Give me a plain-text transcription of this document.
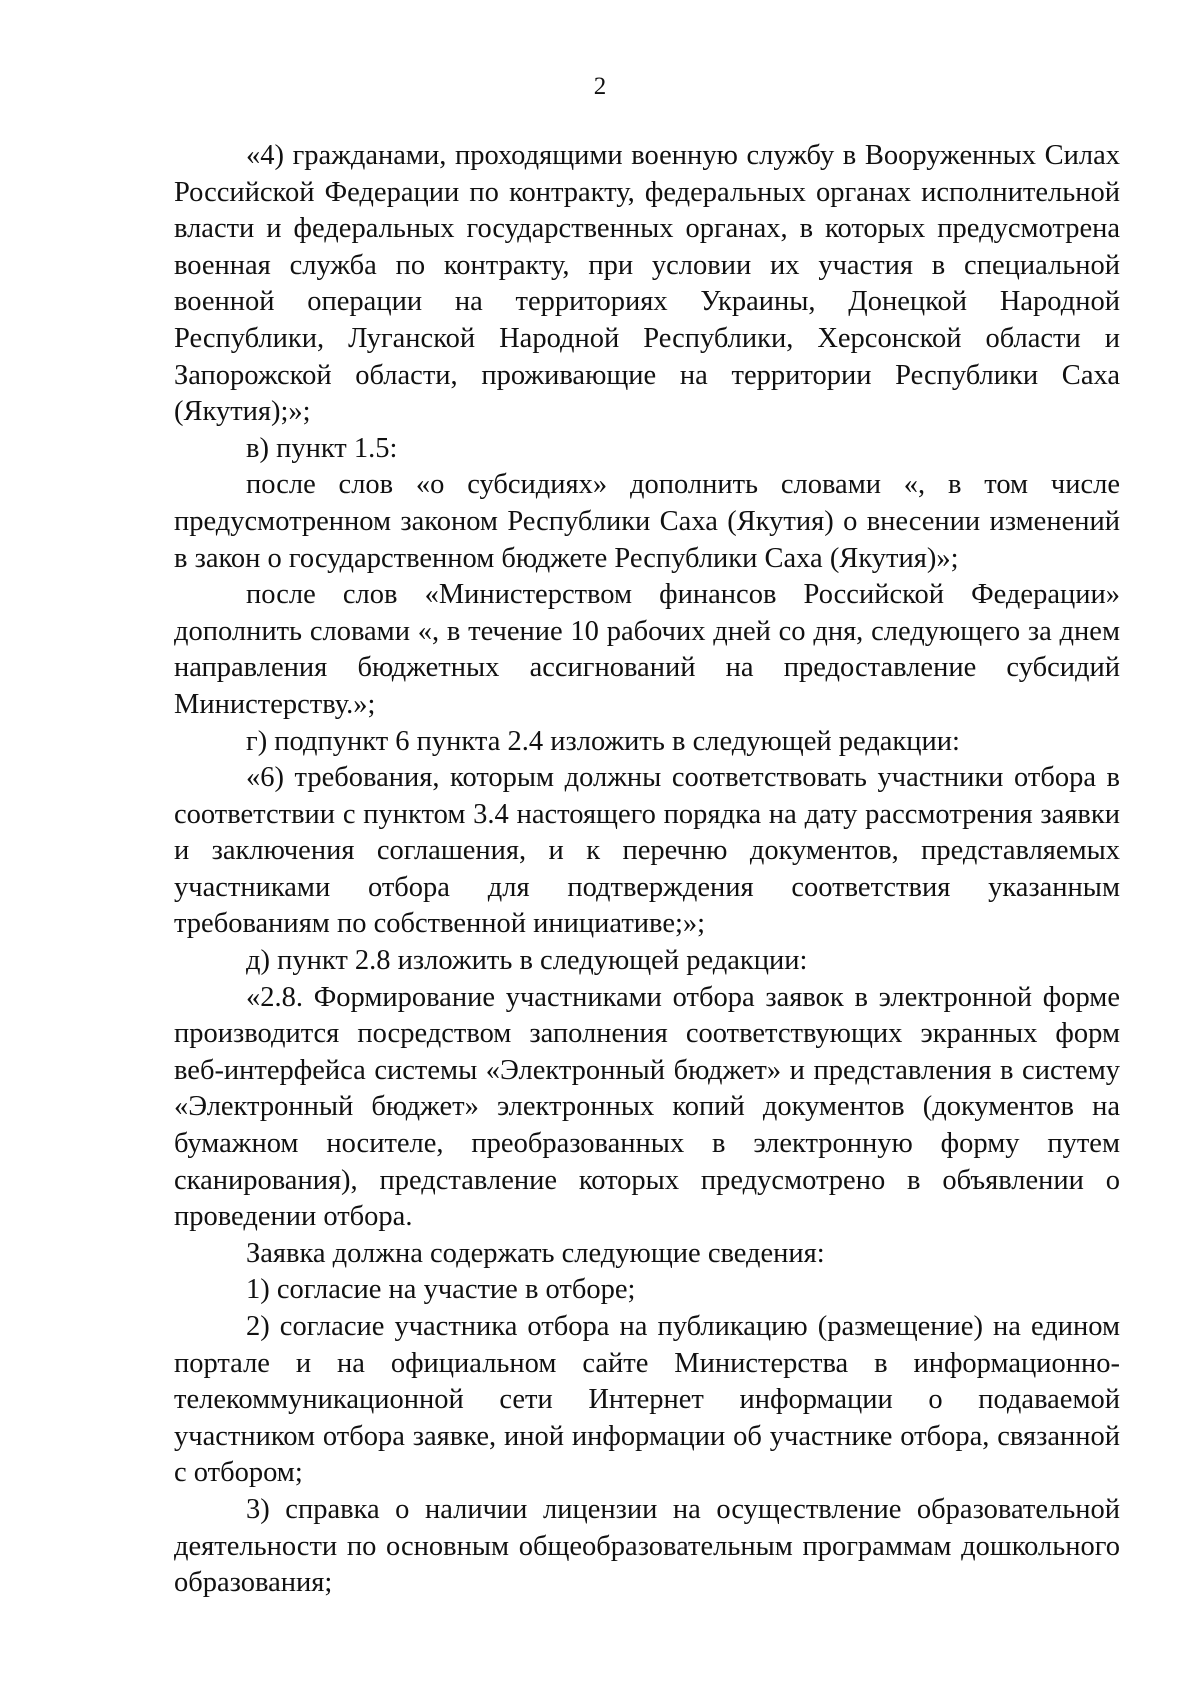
2

«4) гражданами, проходящими военную службу в Вооруженных Силах Российской Федерации по контракту, федеральных органах исполнительной власти и федеральных государственных органах, в которых предусмотрена военная служба по контракту, при условии их участия в специальной военной операции на территориях Украины, Донецкой Народной Республики, Луганской Народной Республики, Херсонской области и Запорожской области, проживающие на территории Республики Саха (Якутия);»;

в) пункт 1.5:

после слов «о субсидиях» дополнить словами «, в том числе предусмотренном законом Республики Саха (Якутия) о внесении изменений в закон о государственном бюджете Республики Саха (Якутия)»;

после слов «Министерством финансов Российской Федерации» дополнить словами «, в течение 10 рабочих дней со дня, следующего за днем направления бюджетных ассигнований на предоставление субсидий Министерству.»;

г) подпункт 6 пункта 2.4 изложить в следующей редакции:

«6) требования, которым должны соответствовать участники отбора в соответствии с пунктом 3.4 настоящего порядка на дату рассмотрения заявки и заключения соглашения, и к перечню документов, представляемых участниками отбора для подтверждения соответствия указанным требованиям по собственной инициативе;»;

д) пункт 2.8 изложить в следующей редакции:

«2.8. Формирование участниками отбора заявок в электронной форме производится посредством заполнения соответствующих экранных форм веб-интерфейса системы «Электронный бюджет» и представления в систему «Электронный бюджет» электронных копий документов (документов на бумажном носителе, преобразованных в электронную форму путем сканирования), представление которых предусмотрено в объявлении о проведении отбора.

Заявка должна содержать следующие сведения:

1) согласие на участие в отборе;

2) согласие участника отбора на публикацию (размещение) на едином портале и на официальном сайте Министерства в информационно-телекоммуникационной сети Интернет информации о подаваемой участником отбора заявке, иной информации об участнике отбора, связанной с отбором;

3) справка о наличии лицензии на осуществление образовательной деятельности по основным общеобразовательным программам дошкольного образования;
